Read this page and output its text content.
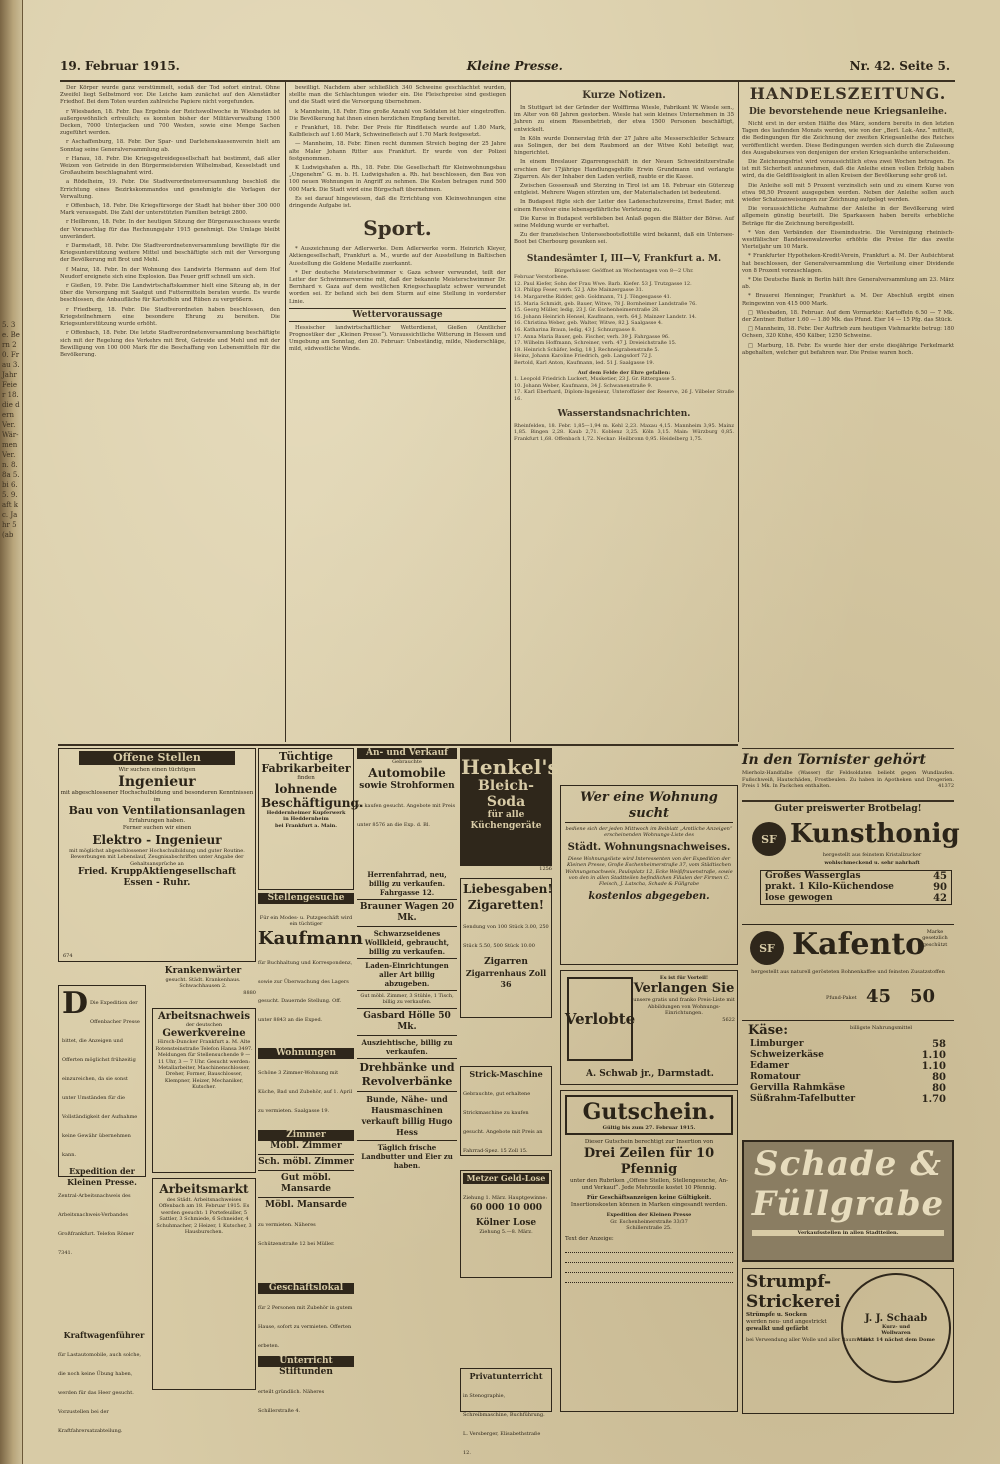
5. 3e. Bern 20. Frau 3. Jahr Feier 18. die dern Ver. Wär- men Ver. n. 8. 8a 5. bi 6. 5. 9. aft kc. Jahr 5 (ab
19. Februar 1915.	Kleine Presse.	Nr. 42. Seite 5.

Der Körper wurde ganz verstümmelt, sodaß der Tod sofort eintrat. Ohne Zweifel liegt Selbstmord vor. Die Leiche kam zunächst auf den Alenstädter Friedhof. Bei dem Toten wurden zahlreiche Papiere nicht vorgefunden.

r Wiesbaden, 18. Febr. Das Ergebnis der Reichswollwoche in Wiesbaden ist außergewöhnlich erfreulich; es konnten bisher der Militärverwaltung 1500 Decken, 7000 Unterjacken und 700 Westen, sowie eine Menge Sachen zugeführt werden.

r Aschaffenburg, 18. Febr. Der Spar- und Darlehenskassenverein hielt am Sonntag seine Generalversammlung ab.

r Hanau, 18. Febr. Die Kriegsgetreidegesellschaft hat bestimmt, daß aller Weizen von Getreide in den Bürgermeistereien Wilhelmsbad, Kesselstadt und Großauheim beschlagnahmt wird.

a Rödelheim, 19. Febr. Die Stadtverordnetenversammlung beschloß die Errichtung eines Bezirkskommandos und genehmigte die Vorlagen der Verwaltung.

r Offenbach, 18. Febr. Die Kriegsfürsorge der Stadt hat bisher über 300 000 Mark verausgabt. Die Zahl der unterstützten Familien beträgt 2800.

r Heilbronn, 18. Febr. In der heutigen Sitzung der Bürgerausschusses wurde der Voranschlag für das Rechnungsjahr 1915 genehmigt. Die Umlage bleibt unverändert.

r Darmstadt, 18. Febr. Die Stadtverordnetenversammlung bewilligte für die Kriegsunterstützung weitere Mittel und beschäftigte sich mit der Versorgung der Bevölkerung mit Brot und Mehl.

f Mainz, 18. Febr. In der Wohnung des Landwirts Hermann auf dem Hof Neudorf ereignete sich eine Explosion. Das Feuer griff schnell um sich.

r Gießen, 19. Febr. Die Landwirtschaftskammer hielt eine Sitzung ab, in der über die Versorgung mit Saatgut und Futtermitteln beraten wurde. Es wurde beschlossen, die Anbaufläche für Kartoffeln und Rüben zu vergrößern.

r Friedberg, 18. Febr. Die Stadtverordneten haben beschlossen, den Kriegsteilnehmern eine besondere Ehrung zu bereiten. Die Kriegsunterstützung wurde erhöht.

r Offenbach, 18. Febr. Die letzte Stadtverordnetenversammlung beschäftigte sich mit der Regelung des Verkehrs mit Brot, Getreide und Mehl und mit der Bewilligung von 100 000 Mark für die Beschaffung von Lebensmitteln für die Bevölkerung.

bewilligt. Nachdem aber schließlich 340 Schweine geschlachtet wurden, stellte man die Schlachtungen wieder ein. Die Fleischpreise sind gestiegen und die Stadt wird die Versorgung übernehmen.

k Mannheim, 18. Febr. Eine große Anzahl von Soldaten ist hier eingetroffen. Die Bevölkerung hat ihnen einen herzlichen Empfang bereitet.

r Frankfurt, 18. Febr. Der Preis für Rindfleisch wurde auf 1.80 Mark, Kalbfleisch auf 1.60 Mark, Schweinefleisch auf 1.70 Mark festgesetzt.

— Mannheim, 18. Febr. Einen recht dummen Streich beging der 25 Jahre alte Maler Johann Ritter aus Frankfurt. Er wurde von der Polizei festgenommen.

K Ludwigshafen a. Rh., 18. Febr. Die Gesellschaft für Kleinwohnungsbau „Ungenehm“ G. m. b. H. Ludwigshafen a. Rh. hat beschlossen, den Bau von 100 neuen Wohnungen in Angriff zu nehmen. Die Kosten betragen rund 500 000 Mark. Die Stadt wird eine Bürgschaft übernehmen.

Es sei darauf hingewiesen, daß die Errichtung von Kleinwohnungen eine dringende Aufgabe ist.

Sport.

* Auszeichnung der Adlerwerke. Dem Adlerwerke vorm. Heinrich Kleyer, Aktiengesellschaft, Frankfurt a. M., wurde auf der Ausstellung in Baltischen Ausstellung die Goldene Medaille zuerkannt.

* Der deutsche Meisterschwimmer v. Gaza schwer verwundet, teilt der Leiter der Schwimmervereine mit, daß der bekannte Meisterschwimmer Dr. Bernhard v. Gaza auf dem westlichen Kriegsschauplatz schwer verwundet worden sei. Er befand sich bei dem Sturm auf eine Stellung in vorderster Linie.

Wettervoraussage

Hessischer landwirtschaftlicher Wetterdienst, Gießen (Amtlicher Prognostiker der „Kleinen Presse“). Voraussichtliche Witterung in Hessen und Umgebung am Sonntag, den 20. Februar: Unbeständig, milde, Niederschläge, mild, südwestliche Winde.

Kurze Notizen.

In Stuttgart ist der Gründer der Wolffirma Wiesle, Fabrikant W. Wiesle sen., im Alter von 68 Jahren gestorben. Wiesle hat sein kleines Unternehmen in 35 Jahren zu einem Riesenbetrieb, der etwa 1500 Personen beschäftigt, entwickelt.

In Köln wurde Donnerstag früh der 27 Jahre alte Messerschleifer Schwarz aus Solingen, der bei dem Raubmord an der Witwe Kohl beteiligt war, hingerichtet.

In einem Breslauer Zigarrengeschäft in der Neuen Schweidnitzerstraße erschien der 17jährige Handlungsgehilfe Erwin Grundmann und verlangte Zigarren. Als der Inhaber den Laden verließ, raubte er die Kasse.

Zwischen Gossensaß und Sterzing in Tirol ist am 18. Februar ein Güterzug entgleist. Mehrere Wagen stürzten um, der Materialschaden ist bedeutend.

In Budapest fügte sich der Leiter des Ladenschutzvereins, Ernst Bader, mit einem Revolver eine lebensgefährliche Verletzung zu.

Die Kurse in Budapest verblieben bei Anlaß gegen die Blätter der Börse. Auf seine Meldung wurde er verhaftet.

Zu der französischen Unterseebootsflottille wird bekannt, daß ein Untersee-Boot bei Cherbourg gesunken sei.

Standesämter I, III—V, Frankfurt a. M.
Bürgerhäuser. Geöffnet an Wochentagen von 8—2 Uhr.
Februar Verstorbene.
12. Paul Kiefer, Sohn der Frau Wwe. Barb. Kiefer. 53 J. Trutzgasse 12.
13. Philipp Feser, verh. 52 J. Alte Mainzergasse 31.
14. Margarethe Ridder, geb. Goldmann, 71 J. Töngesgasse 41.
15. Maria Schmidt, geb. Bauer, Witwe, 78 J. Bornheimer Landstraße 76.
15. Georg Müller, ledig, 23 J. Gr. Eschenheimerstraße 28.
16. Johann Heinrich Hensel, Kaufmann, verh. 64 J. Mainzer Landstr. 14.
16. Christina Weber, geb. Walter, Witwe, 82 J. Saalgasse 4.
16. Katharina Braun, ledig, 43 J. Schnurgasse 8.
17. Anna Maria Bauer, geb. Fischer, verh. 39 J. Fahrgasse 96.
17. Wilhelm Hoffmann, Schreiner, verh. 47 J. Dreieichstraße 15.
18. Heinrich Schäfer, ledig, 18 J. Rechneigrabenstraße 5.
Heinz, Johann Karoline Friedrich, geb. Langsdorf 72 J.
Bertold, Karl Anton, Kaufmann, led. 51 J. Saalgasse 19.
Auf dem Felde der Ehre gefallen:
1. Leopold Friedrich Luckert, Musketier, 23 J. Gr. Rittergasse 5.
10. Johann Weber, Kaufmann, 34 J. Schwanenstraße 9.
17. Karl Eberhard, Diplom-Ingenieur, Unteroffizier der Reserve, 26 J. Vilbeler Straße 16.
Wasserstandsnachrichten.
Rheinfelden, 18. Febr. 1,85—1,94 m. Kehl 2,23. Maxau 4,15. Mannheim 3,95. Mainz 1,85. Bingen 2,28. Kaub 2,71. Koblenz 3,25. Köln 3,15. Main: Würzburg 0,85. Frankfurt 1,68. Offenbach 1,72. Neckar: Heilbronn 0,95. Heidelberg 1,75.
HANDELSZEITUNG.
Die bevorstehende neue Kriegsanleihe.

Nicht erst in der ersten Hälfte des März, sondern bereits in den letzten Tagen des laufenden Monats werden, wie von der „Berl. Lok.-Anz.“ mitteilt, die Bedingungen für die Zeichnung der zweiten Kriegsanleihe des Reiches veröffentlicht werden. Diese Bedingungen werden sich durch die Zulassung des Ausgabekurses von denjenigen der ersten Kriegsanleihe unterscheiden.

Die Zeichnungsfrist wird voraussichtlich etwa zwei Wochen betragen. Es ist mit Sicherheit anzunehmen, daß die Anleihe einen vollen Erfolg haben wird, da die Geldflüssigkeit in allen Kreisen der Bevölkerung sehr groß ist.

Die Anleihe soll mit 5 Prozent verzinslich sein und zu einem Kurse von etwa 98,50 Prozent ausgegeben werden. Neben der Anleihe sollen auch wieder Schatzanweisungen zur Zeichnung aufgelegt werden.

Die voraussichtliche Aufnahme der Anleihe in der Bevölkerung wird allgemein günstig beurteilt. Die Sparkassen haben bereits erhebliche Beträge für die Zeichnung bereitgestellt.

* Von den Verbänden der Eisenindustrie. Die Vereinigung rheinisch-westfälischer Bandeisenwalzwerke erhöhte die Preise für das zweite Vierteljahr um 10 Mark.

* Frankfurter Hypotheken-Kredit-Verein, Frankfurt a. M. Der Aufsichtsrat hat beschlossen, der Generalversammlung die Verteilung einer Dividende von 8 Prozent vorzuschlagen.

* Die Deutsche Bank in Berlin hält ihre Generalversammlung am 23. März ab.

* Brauerei Henninger, Frankfurt a. M. Der Abschluß ergibt einen Reingewinn von 415 000 Mark.

□ Wiesbaden, 18. Februar. Auf dem Vormarkte: Kartoffeln 6.50 — 7 Mk. der Zentner. Butter 1.60 — 1.80 Mk. das Pfund. Eier 14 — 15 Pfg. das Stück.

□ Mannheim, 18. Febr. Der Auftrieb zum heutigen Viehmarkte betrug: 180 Ochsen, 320 Kühe, 450 Kälber, 1250 Schweine.

□ Marburg, 18. Febr. Es wurde hier der erste diesjährige Ferkelmarkt abgehalten, welcher gut befahren war. Die Preise waren hoch.

In den Tornister gehört
Mierholz-Handfalbe (Wasser) für Feldsoldaten beliebt gegen Wundlaufen. Fußschweiß, Hautschäden, Frostbeulen. Zu haben in Apotheken und Drogerien. Preis 1 Mk. In Packchen enthalten.	41372
Offene Stellen
Wir suchen einen tüchtigen
Ingenieur
mit abgeschlossener Hochschulbildung und besonderen Kenntnissen im
Bau von Ventilationsanlagen
Erfahrungen haben.
Ferner suchen wir einen
Elektro - Ingenieur
mit möglichst abgeschlossener Hochschulbildung und guter Routine. Bewerbungen mit Lebenslauf, Zeugnisabschriften unter Angabe der Gehaltsansprüche an
Fried. KruppAktiengesellschaft
Essen - Ruhr.
674
Krankenwärter
gesucht. Städt. Krankenhaus. Schwachhausen 2.
8880
D Die Expedition der Offenbacher Presse bittet, die Anzeigen und Offerten möglichst frühzeitig einzureichen, da sie sonst unter Umständen für die Vollständigkeit der Aufnahme keine Gewähr übernehmen kann.
Expedition der Kleinen Presse.
Arbeitsnachweis
der deutschen
Gewerkvereine
Hirsch-Duncker Frankfurt a. M. Alte Rotensteinstraße Telefon Hansa 3497. Meldungen für Stellensuchende 9 — 11 Uhr, 3 — 7 Uhr. Gesucht werden: Metallarbeiter, Maschinenschlosser, Dreher, Former, Bauschlosser, Klempner, Heizer, Mechaniker, Kutscher.
Arbeitsmarkt
des Städt. Arbeitsnachweises Offenbach am 18. Februar 1915. Es werden gesucht: 1 Portefeuiller, 5 Sattler, 3 Schmiede, 6 Schneider, 4 Schuhmacher, 2 Heizer, 1 Kutscher, 3 Hausburschen.
Zentral-Arbeitsnachweis des Arbeitsnachweis-Verbandes Großfrankfurt. Telefon Römer 7341.
Kraftwagenführer
für Lastautomobile, auch solche, die noch keine Übung haben, werden für das Heer gesucht. Vorzustellen bei der Kraftfahrersatzabteilung.
Tüchtige
Fabrikarbeiter
finden
lohnende Beschäftigung.
Heddernheimer Kupferwerk
in Heddernheim
bei Frankfurt a. Main.
Stellengesuche
Für ein Modes- u. Putzgeschäft wird ein tüchtiger
Kaufmann
für Buchhaltung und Korrespondenz, sowie zur Überwachung des Lagers gesucht. Dauernde Stellung. Off. unter 8843 an die Exped.
Wohnungen
Schöne 3 Zimmer-Wohnung mit Küche, Bad und Zubehör, auf 1. April zu vermieten. Saalgasse 19.
Zimmer
Möbl. Zimmer
Sch. möbl. Zimmer
Gut möbl. Mansarde
Möbl. Mansarde
zu vermieten. Näheres Schützenstraße 12 bei Müller.
Geschäftslokal
für 2 Personen mit Zubehör in gutem Hause, sofort zu vermieten. Offerten erbeten.
Unterricht
Stiftunden
erteilt gründlich. Näheres Schillerstraße 4.
An- und Verkauf
Gebrauchte
Automobile
sowie Strohformen
zu kaufen gesucht. Angebote mit Preis unter 8576 an die Exp. d. Bl.
Herrenfahrrad, neu, billig zu verkaufen. Fahrgasse 12.
Brauner Wagen 20 Mk.
Schwarzseidenes Wollkleid, gebraucht, billig zu verkaufen.
Laden-Einrichtungen aller Art billig abzugeben.
Gut möbl. Zimmer, 3 Stühle, 1 Tisch, billig zu verkaufen.
Gasbard Hölle 50 Mk.
Ausziehtische, billig zu verkaufen.
Drehbänke und Revolverbänke
Bunde, Nähe- und Hausmaschinen verkauft billig Hugo Hess
Täglich frische Landbutter und Eier zu haben.
Henkel's
Bleich-Soda
für alle
Küchengeräte
1256
Liebesgaben!
Zigaretten!
Sendung von 100 Stück 3.00, 250 Stück 5.50, 500 Stück 10.00
Zigarren
Zigarrenhaus Zoll 36
Strick-Maschine
Gebrauchte, gut erhaltene Strickmaschine zu kaufen gesucht. Angebote mit Preis an Fahrrad-Spez. 15 Zoll 15.
Metzer Geld-Lose
Ziehung 1. März. Hauptgewinne:
60 000 10 000
Kölner Lose
Ziehung 5.—8. März.
Privatunterricht
in Stenographie, Schreibmaschine, Buchführung. L. Versberger, Elisabethstraße 12.
Wer eine Wohnung sucht
bediene sich der jeden Mittwoch im Beiblatt „Amtliche Anzeigen“ erscheinenden Wohnungs-Liste des
Städt. Wohnungsnachweises.
Diese Wohnungsliste wird Interessenten von der Expedition der Kleinen Presse, Große Eschenheimerstraße 37, vom Städtischen Wohnungsnachweis, Paulsplatz 12, Ecke Weißfrauenstraße, sowie von den in allen Stadtteilen befindlichen Filialen der Firmen C. Fleisch, J. Latscha, Schade & Füllgrabe
kostenlos abgegeben.
Verlobte
Es ist für Vorteil!
Verlangen Sie
unsere gratis und franko Preis-Liste mit Abbildungen von Wohnungs-Einrichtungen.
5622
A. Schwab jr., Darmstadt.
Gutschein.
Gültig bis zum 27. Februar 1915.
Dieser Gutschein berechtigt zur Insertion von
Drei Zeilen für 10 Pfennig
unter den Rubriken „Offene Stellen, Stellengesuche, An- und Verkauf“. Jede Mehrzeile kostet 10 Pfennig.
Für Geschäftsanzeigen keine Gültigkeit.
Insertionskosten können in Marken eingesandt werden.
Expedition der Kleinen Presse
Gr. Eschenheimerstraße 33/37
Schillerstraße 25.
Text der Anzeige:
Guter preiswerter Brotbelag!
SF Kunsthonig
hergestellt aus feinstem Kristallzucker
wohlschmeckend u. sehr nahrhaft
Großes Wasserglas	45
prakt. 1 Kilo-Küchendose	90
lose gewogen	42
SF Kafento Marke gesetzlich geschützt
hergestellt aus naturell gerösteten Bohnenkaffee und feinsten Zusatzstoffen
Pfund-Paket 45 50
Käse:	billigste Nahrungsmittel
Limburger	58
Schweizerkäse	1.10
Edamer	1.10
Romatour	80
Gervilla Rahmkäse	80
Süßrahm-Tafelbutter	1.70
Schade &
Füllgrabe
Verkaufsstellen in allen Stadtteilen.
Strumpf-
Strickerei
Strümpfe u. Socken
werden neu- und angestrickt
gewalkt und gefärbt
bei Verwendung aller Wolle und aller Baumwolle.
J. J. Schaab
Kurz- und
Wollwaren
Markt 14 nächst dem Dome
